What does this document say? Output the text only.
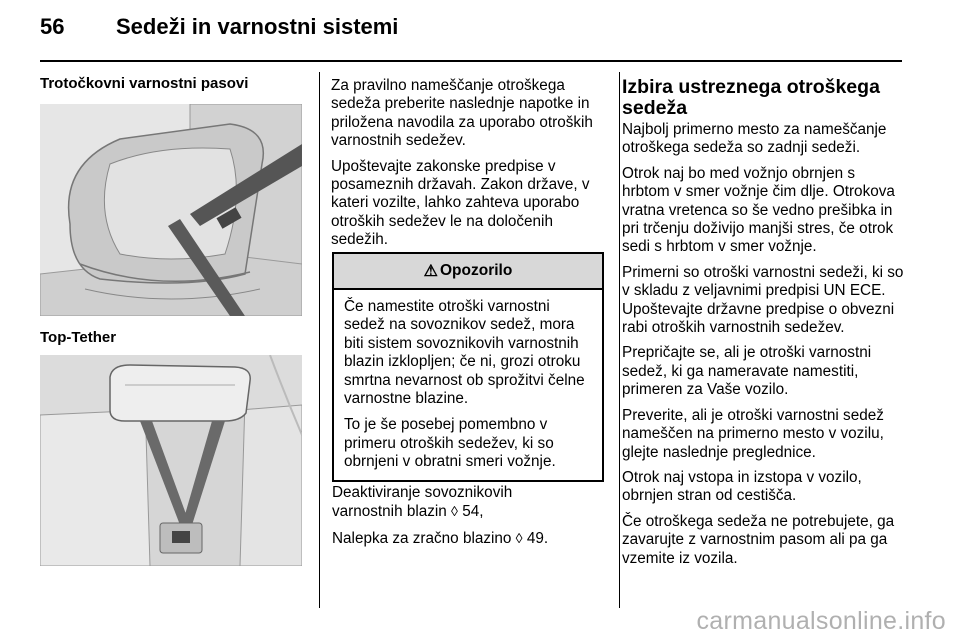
56 Sedeži in varnostni sistemi
Trotočkovni varnostni pasovi
Top-Tether

Za pravilno nameščanje otroškega sedeža preberite naslednje napotke in priložena navodila za uporabo otroških varnostnih sedežev.

Upoštevajte zakonske predpise v posameznih državah. Zakon države, v kateri vozilte, lahko zahteva uporabo otroških sedežev le na določenih sedežih.

⚠ Opozorilo

Če namestite otroški varnostni sedež na sovoznikov sedež, mora biti sistem sovoznikovih varnostnih blazin izklopljen; če ni, grozi otroku smrtna nevarnost ob sprožitvi čelne varnostne blazine.

To je še posebej pomembno v primeru otroških sedežev, ki so obrnjeni v obratni smeri vožnje.

Deaktiviranje sovoznikovih
varnostnih blazin ◊ 54,

Nalepka za zračno blazino ◊ 49.

Izbira ustreznega otroškega sedeža

Najbolj primerno mesto za nameščanje otroškega sedeža so zadnji sedeži.

Otrok naj bo med vožnjo obrnjen s hrbtom v smer vožnje čim dlje. Otrokova vratna vretenca so še vedno prešibka in pri trčenju doživijo manjši stres, če otrok sedi s hrbtom v smer vožnje.

Primerni so otroški varnostni sedeži, ki so v skladu z veljavnimi predpisi UN ECE. Upoštevajte državne predpise o obvezni rabi otroških varnostnih sedežev.

Prepričajte se, ali je otroški varnostni sedež, ki ga nameravate namestiti, primeren za Vaše vozilo.

Preverite, ali je otroški varnostni sedež nameščen na primerno mesto v vozilu, glejte naslednje preglednice.

Otrok naj vstopa in izstopa v vozilo, obrnjen stran od cestišča.

Če otroškega sedeža ne potrebujete, ga zavarujte z varnostnim pasom ali pa ga vzemite iz vozila.

carmanualsonline.info
